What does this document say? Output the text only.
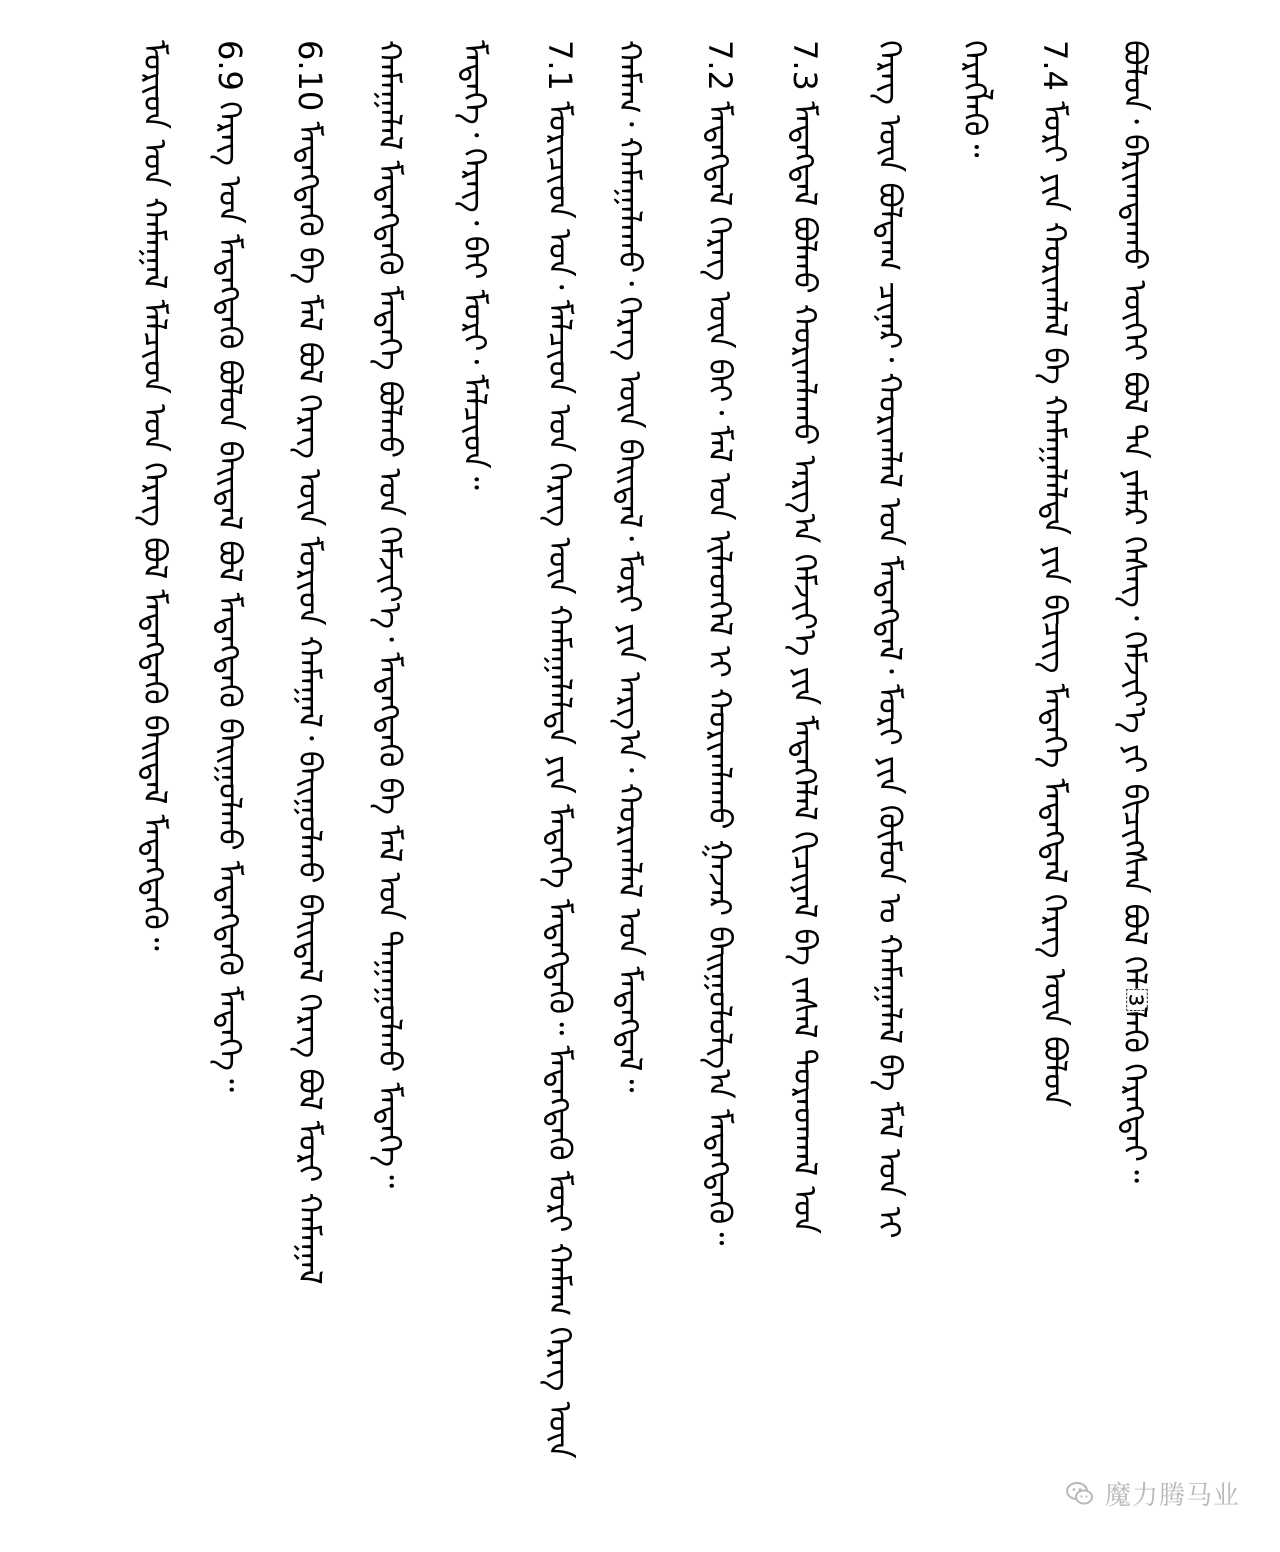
ᠪᠣᠯᠤᠨ᠂ ᠪᠠᠷᠢᠭᠳᠠᠬᠤ ᠦᠭᠡᠢ ᠪᠣᠯ ᠲᠠ ᠶᠠᠮᠠᠷ ᠬᠡᠰᠡᠭ᠂ ᠬᠡᠮᠵᠢᠶ᠎ᠡ ᠶᠢ ᠪᠢᠴᠢᠭᠰᠡᠨ ᠪᠣᠯ ᠬᠡᠯ᠍ᠯᠡᠬᠦ ᠬᠡᠷᠡᠭᠲᠡᠢ᠃
ᠬᠡᠷᠡᠭᠯᠡᠬᠦ᠃ 7.4 ᠮᠣᠷᠢ ᠶᠢᠨ ᠬᠣᠷᠢᠭᠯᠠᠯ ᠪᠠ ᠬᠠᠮᠠᠭᠠᠯᠠᠯᠲᠠ ᠶᠢᠨ ᠪᠢᠴᠢᠭ ᠮᠡᠳᠡᠭᠡ ᠮᠡᠳᠡᠭᠳᠡᠯ ᠬᠡᠷᠡᠭ ᠦᠨ ᠪᠣᠯᠤᠨ
ᠬᠡᠷᠡᠭ ᠦᠨ ᠪᠣᠯᠳᠠᠭ ᠴᠢᠨᠠᠷ᠂ ᠬᠣᠷᠢᠭᠯᠠᠯ ᠤᠨ ᠮᠡᠳᠡᠭᠳᠡᠯ᠂ ᠮᠣᠷᠢ ᠶᠢᠨ ᠬᠥᠮᠦᠨ ᠤ ᠬᠠᠮᠠᠭᠠᠯᠠᠯ ᠪᠠ ᠮᠠᠯ ᠤᠨ ᠢ
7.3 ᠮᠡᠳᠡᠭᠳᠡᠯ ᠪᠣᠯᠬᠤ ᠬᠣᠷᠢᠭᠯᠠᠬᠤ ᠠᠷᠭ᠎ᠠ ᠬᠡᠮᠵᠢᠶ᠎ᠡ ᠶᠢᠨ ᠮᠡᠳᠡᠭᠡᠯᠡᠯ ᠬᠢᠴᠢᠶᠡᠯ ᠪᠠ ᠵᠠᠰᠠᠯ ᠳᠤᠷᠠᠳᠬᠠᠯ ᠤᠨ
7.2 ᠮᠡᠳᠡᠭᠳᠡᠯ ᠬᠡᠷᠡᠭ ᠦᠨ ᠪᠠᠢ᠂ ᠮᠠᠯ ᠤᠨ ᠢᠯᠡᠳᠬᠡᠯ ᠢ ᠬᠣᠷᠢᠭᠯᠠᠬᠤ ᠭᠠᠵᠠᠷ ᠪᠠᠢᠭᠤᠯᠤᠯᠭ᠎ᠠ ᠮᠡᠳᠡᠭᠳᠡᠬᠦ᠃
ᠬᠠᠮᠠᠭ᠂ ᠬᠠᠮᠠᠭᠠᠯᠠᠬᠤ᠂ ᠬᠡᠷᠡᠭ ᠦᠨ ᠪᠠᠢᠳᠠᠯ᠂ ᠮᠣᠷᠢ ᠶᠢᠨ ᠠᠷᠭ᠎ᠠ᠂ ᠬᠣᠷᠢᠭᠯᠠᠯ ᠤᠨ ᠮᠡᠳᠡᠭᠳᠡᠯ᠃
7.1 ᠮᠣᠷᠢᠴᠢᠳ ᠤᠨ᠂ ᠮᠠᠯᠴᠢᠳ ᠤᠨ ᠬᠡᠷᠡᠭ ᠦᠨ ᠬᠠᠮᠠᠭᠠᠯᠠᠯᠲᠠ ᠶᠢᠨ ᠮᠡᠳᠡᠭᠡ ᠮᠡᠳᠡᠭᠳᠡᠬᠦ᠃ ᠮᠡᠳᠡᠭᠳᠡᠬᠦ ᠮᠣᠷᠢ ᠬᠠᠮᠠᠭ ᠬᠡᠷᠡᠭ ᠦᠨ
ᠮᠡᠳᠡᠭᠡ᠂ ᠬᠡᠷᠡᠭ᠂ ᠪᠠᠢ ᠮᠣᠷᠢ᠂ ᠮᠠᠯᠴᠢᠳ᠃
ᠬᠠᠮᠠᠭᠠᠯᠠᠯ ᠮᠡᠳᠡᠭᠳᠡᠬᠦ ᠮᠡᠳᠡᠭᠡ ᠪᠣᠯᠬᠤ ᠤᠨ ᠬᠡᠮᠵᠢᠶ᠎ᠡ᠂ ᠮᠡᠳᠡᠭᠳᠡᠬᠦ ᠪᠠ ᠮᠠᠯ ᠤᠨ ᠳᠠᠭᠠᠭᠤᠯᠬᠤ ᠮᠡᠳᠡᠭᠡ᠃
6.10 ᠮᠡᠳᠡᠭᠳᠡᠬᠦ ᠪᠠ ᠮᠠᠯ ᠪᠣᠯ ᠬᠡᠷᠡᠭ ᠦᠨ ᠮᠣᠷᠢᠳ ᠬᠠᠮᠠᠭᠠᠯ᠂ ᠪᠠᠢᠭᠤᠯᠬᠤ ᠪᠠᠢᠳᠠᠯ ᠬᠡᠷᠡᠭ ᠪᠣᠯ ᠮᠣᠷᠢ ᠬᠠᠮᠠᠭᠠᠯ
6.9 ᠬᠡᠷᠡᠭ ᠤᠨ ᠮᠡᠳᠡᠭᠳᠡᠬᠦ ᠪᠣᠯᠤᠨ ᠪᠠᠢᠳᠠᠯ ᠪᠣᠯ ᠮᠡᠳᠡᠭᠳᠡᠬᠦ ᠪᠠᠢᠭᠤᠯᠬᠤ ᠮᠡᠳᠡᠭᠳᠡᠬᠦ ᠮᠡᠳᠡᠭᠡ᠃
ᠮᠣᠷᠢᠳ ᠤᠨ ᠬᠠᠮᠠᠭᠠᠯ ᠮᠠᠯᠴᠢᠳ ᠤᠨ ᠬᠡᠷᠡᠭ ᠪᠣᠯ ᠮᠡᠳᠡᠭᠳᠡᠬᠦ ᠪᠠᠢᠳᠠᠯ ᠮᠡᠳᠡᠭᠳᠡᠬᠦ᠃
魔力腾马业
